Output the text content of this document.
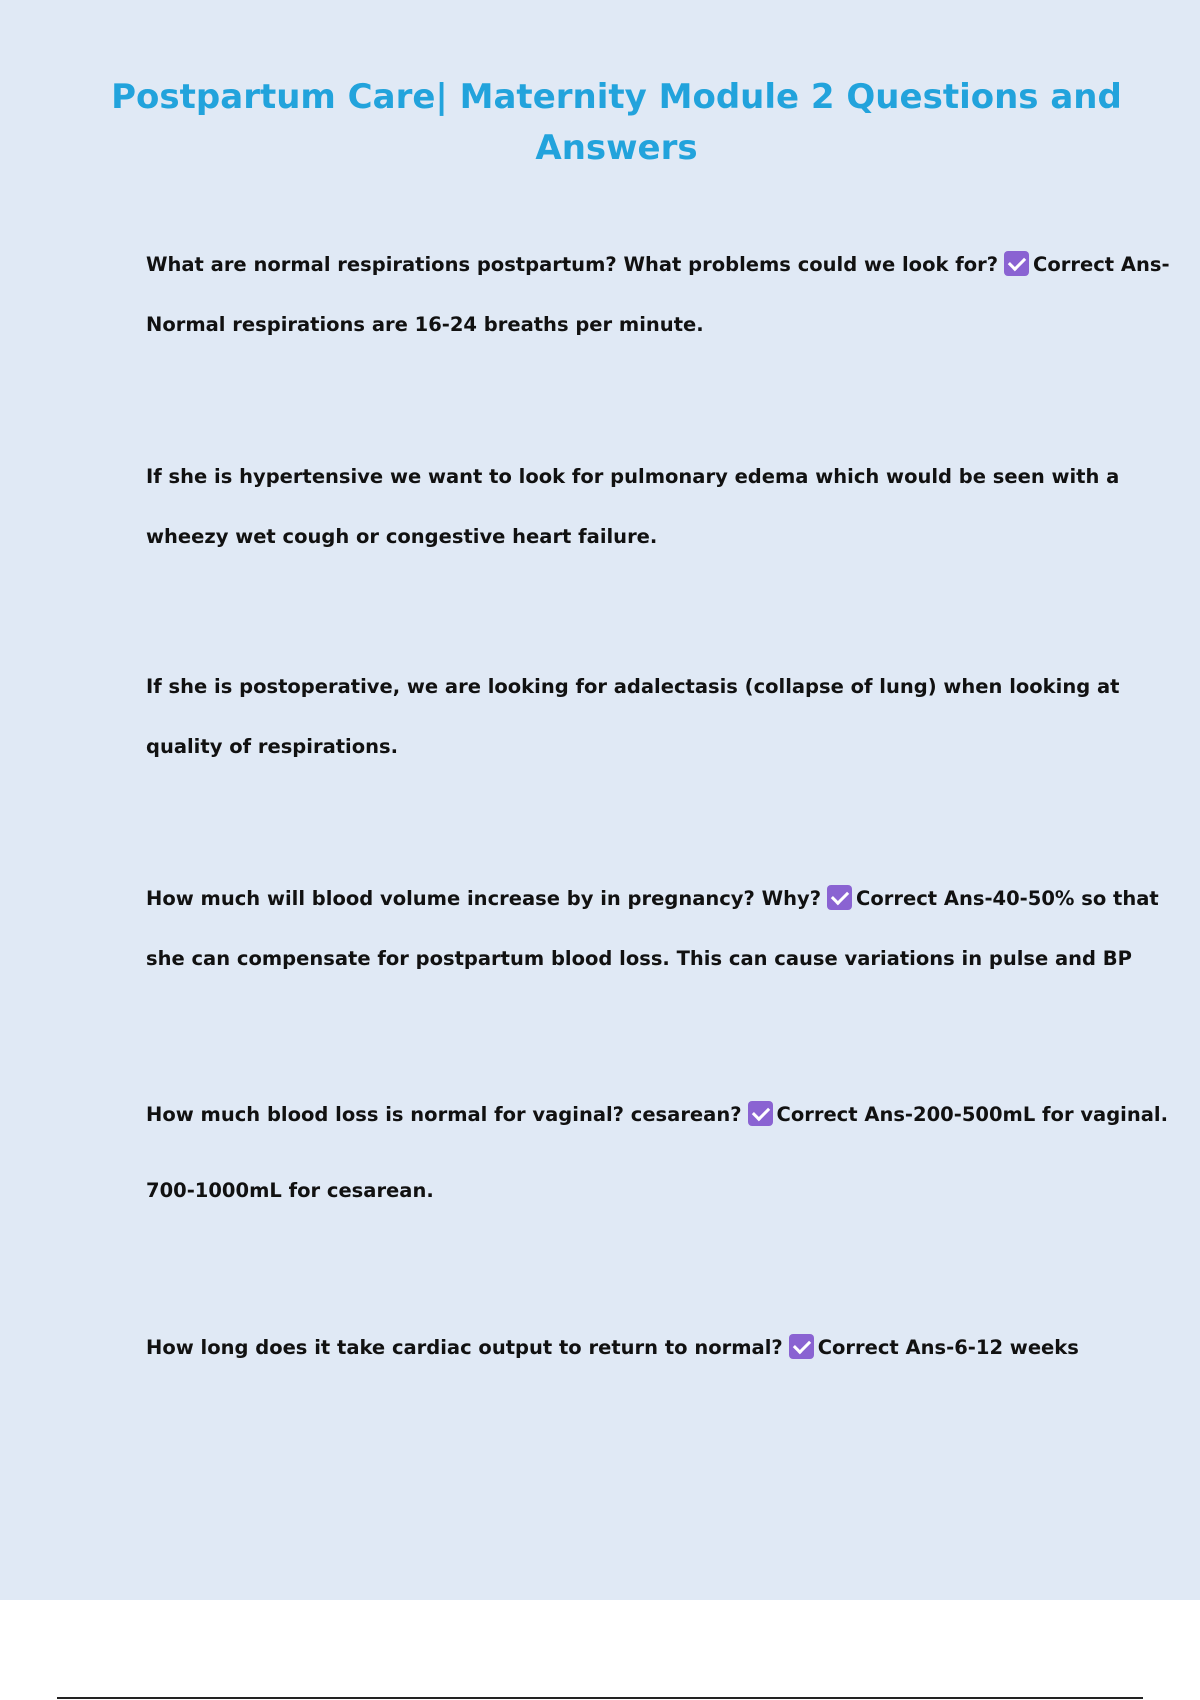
Postpartum Care| Maternity Module 2 Questions and Answers

What are normal respirations postpartum? What problems could we look for? Correct Ans-
Normal respirations are 16-24 breaths per minute.

If she is hypertensive we want to look for pulmonary edema which would be seen with a
wheezy wet cough or congestive heart failure.

If she is postoperative, we are looking for adalectasis (collapse of lung) when looking at
quality of respirations.

How much will blood volume increase by in pregnancy? Why? Correct Ans-40-50% so that
she can compensate for postpartum blood loss. This can cause variations in pulse and BP

How much blood loss is normal for vaginal? cesarean? Correct Ans-200-500mL for vaginal.
700-1000mL for cesarean.

How long does it take cardiac output to return to normal? Correct Ans-6-12 weeks
